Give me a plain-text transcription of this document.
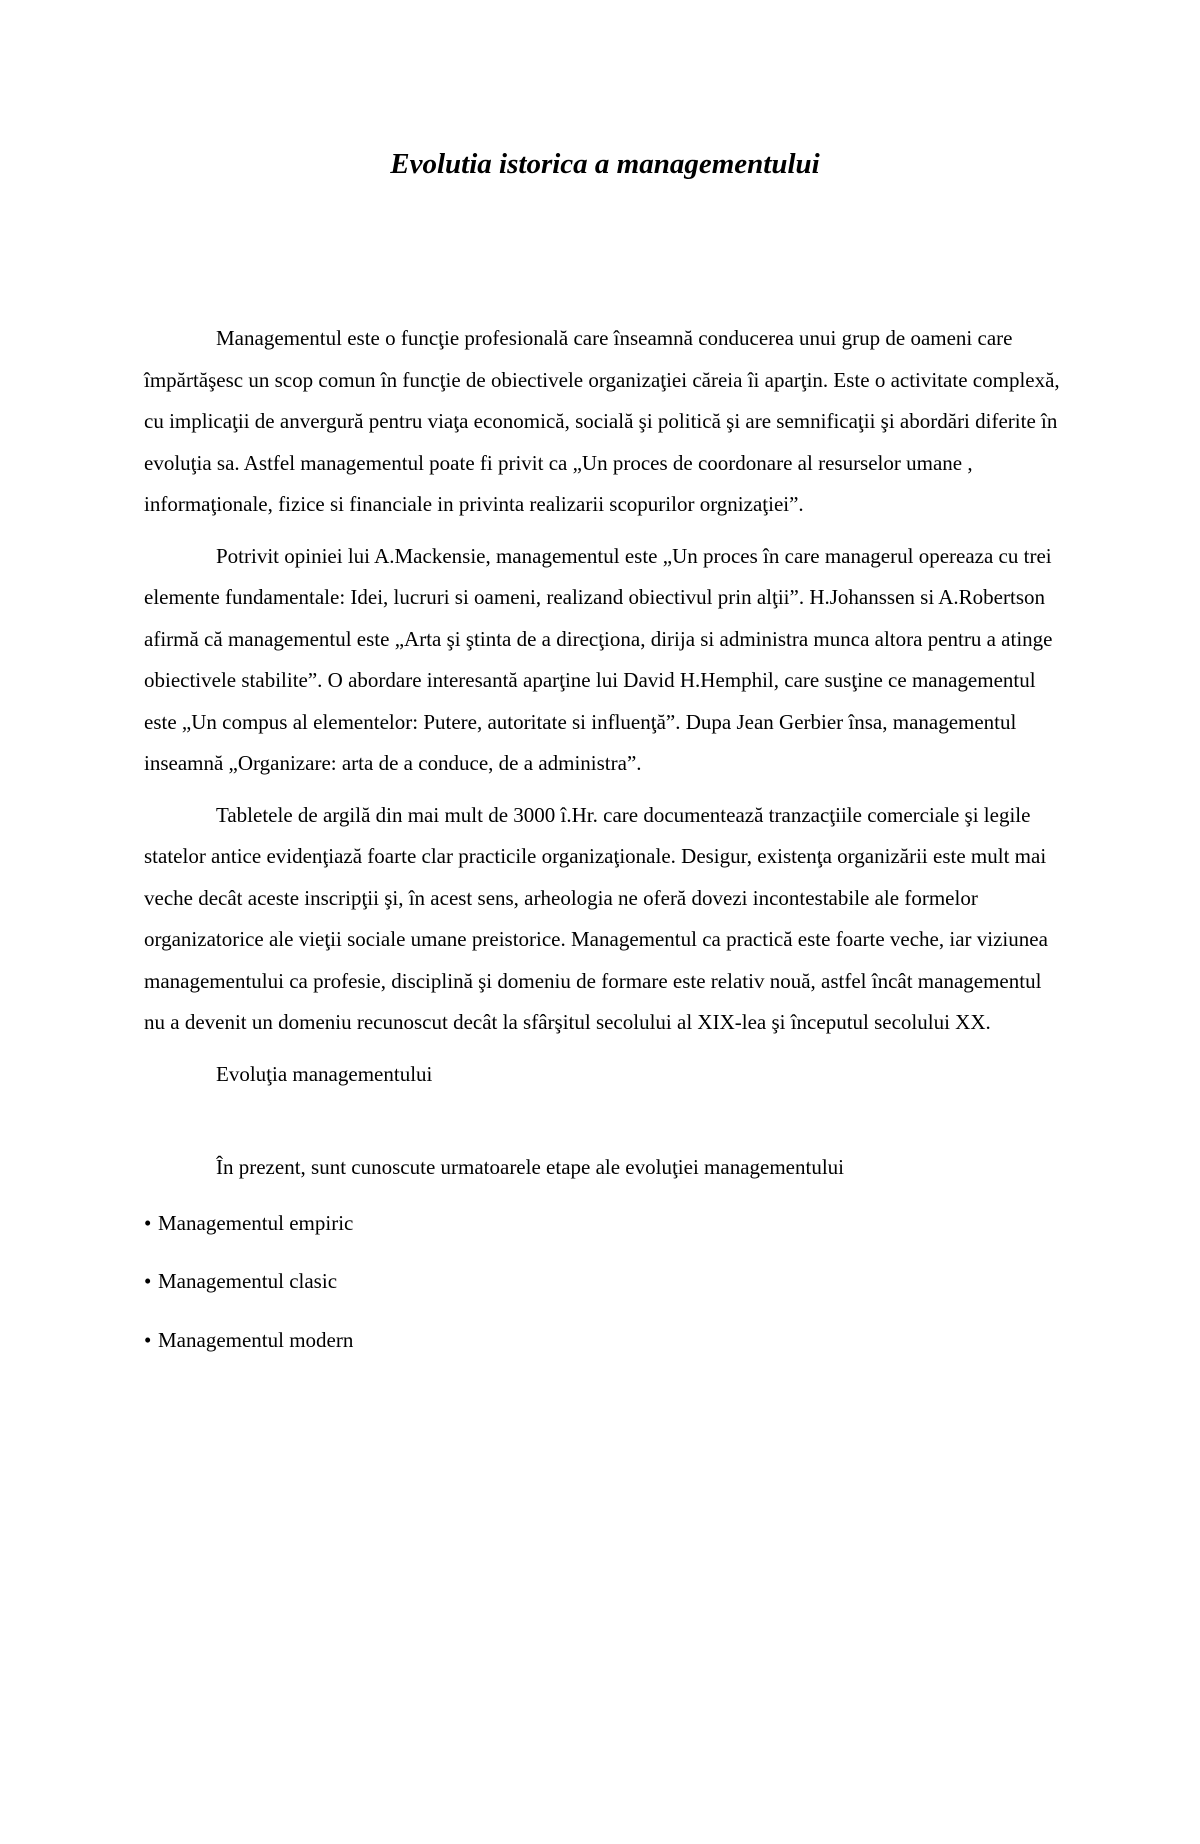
Evolutia istorica a managementului

Managementul este o funcţie profesională care înseamnă conducerea unui grup de oameni care împărtăşesc un scop comun în funcţie de obiectivele organizaţiei căreia îi aparţin. Este o activitate complexă, cu implicaţii de anvergură pentru viaţa economică, socială şi politică şi are semnificaţii şi abordări diferite în evoluţia sa. Astfel managementul poate fi privit ca „Un proces de coordonare al resurselor umane , informaţionale, fizice si financiale in privinta realizarii scopurilor orgnizaţiei”.

Potrivit opiniei lui A.Mackensie, managementul este „Un proces în care managerul opereaza cu trei elemente fundamentale: Idei, lucruri si oameni, realizand obiectivul prin alţii”. H.Johanssen si A.Robertson afirmă că managementul este „Arta şi ştinta de a direcţiona, dirija si administra munca altora pentru a atinge obiectivele stabilite”. O abordare interesantă aparţine lui David H.Hemphil, care susţine ce managementul este „Un compus al elementelor: Putere, autoritate si influenţă”. Dupa Jean Gerbier însa, managementul inseamnă „Organizare: arta de a conduce, de a administra”.

Tabletele de argilă din mai mult de 3000 î.Hr. care documentează tranzacţiile comerciale şi legile statelor antice evidenţiază foarte clar practicile organizaţionale. Desigur, existenţa organizării este mult mai veche decât aceste inscripţii şi, în acest sens, arheologia ne oferă dovezi incontestabile ale formelor organizatorice ale vieţii sociale umane preistorice. Managementul ca practică este foarte veche, iar viziunea managementului ca profesie, disciplină şi domeniu de formare este relativ nouă, astfel încât managementul nu a devenit un domeniu recunoscut decât la sfârşitul secolului al XIX-lea şi începutul secolului XX.

Evoluţia managementului

În prezent, sunt cunoscute urmatoarele etape ale evoluţiei managementului

• Managementul empiric
• Managementul clasic
• Managementul modern
